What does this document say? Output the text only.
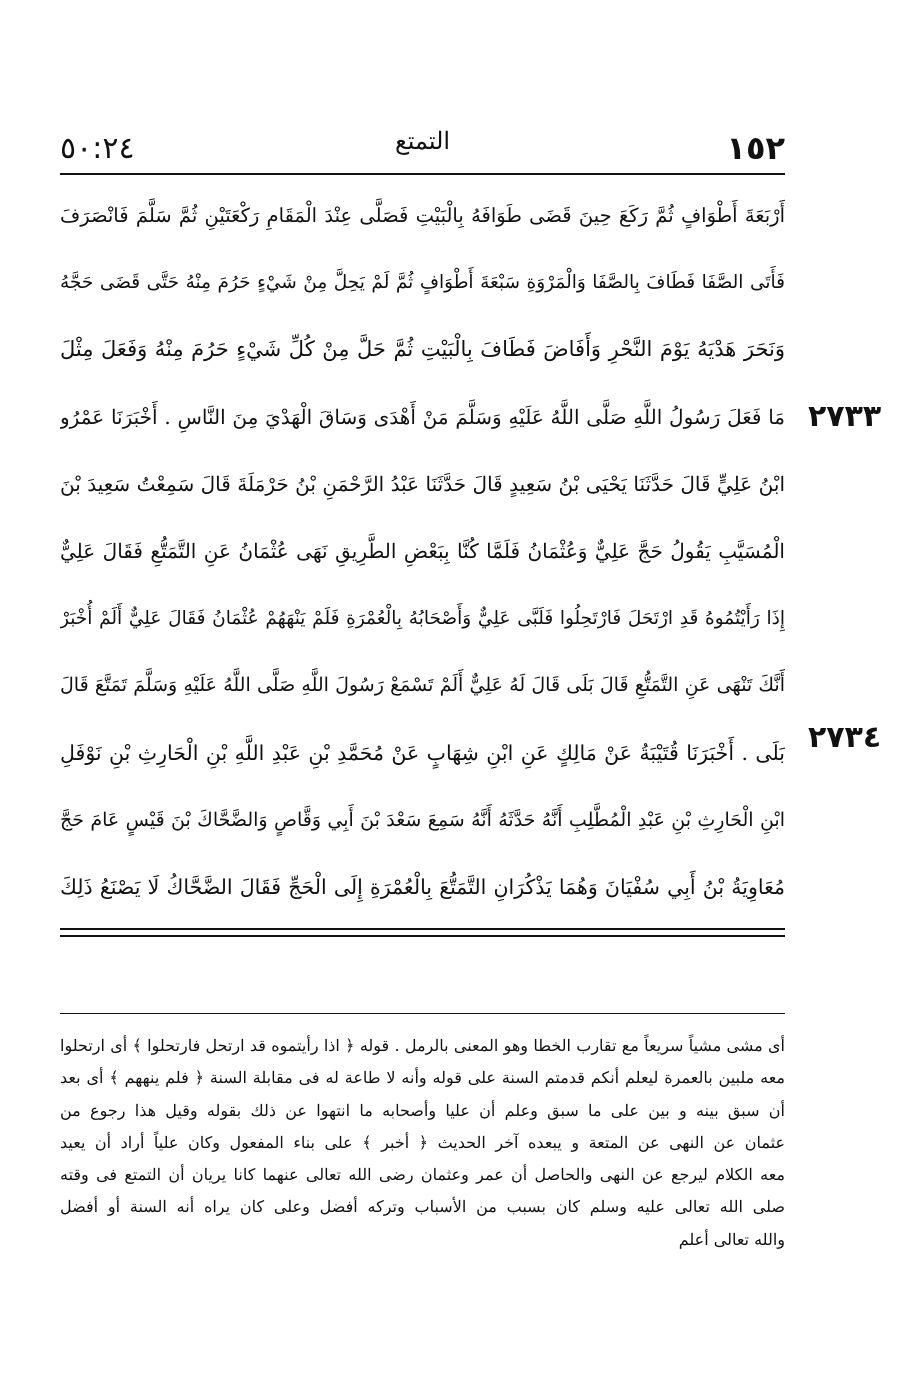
٥٠:٢٤	التمتع	١٥٢
٢٧٣٣
٢٧٣٤
أَرْبَعَةَ أَطْوَافٍ ثُمَّ رَكَعَ حِينَ قَضَى طَوَافَهُ بِالْبَيْتِ فَصَلَّى عِنْدَ الْمَقَامِ رَكْعَتَيْنِ ثُمَّ سَلَّمَ فَانْصَرَفَ
فَأَتَى الصَّفَا فَطَافَ بِالصَّفَا وَالْمَرْوَةِ سَبْعَةَ أَطْوَافٍ ثُمَّ لَمْ يَحِلَّ مِنْ شَيْءٍ حَرُمَ مِنْهُ حَتَّى قَضَى حَجَّهُ
وَنَحَرَ هَدْيَهُ يَوْمَ النَّحْرِ وَأَفَاضَ فَطَافَ بِالْبَيْتِ ثُمَّ حَلَّ مِنْ كُلِّ شَيْءٍ حَرُمَ مِنْهُ وَفَعَلَ مِثْلَ
مَا فَعَلَ رَسُولُ اللَّهِ صَلَّى اللَّهُ عَلَيْهِ وَسَلَّمَ مَنْ أَهْدَى وَسَاقَ الْهَدْيَ مِنَ النَّاسِ . أَخْبَرَنَا عَمْرُو
ابْنُ عَلِيٍّ قَالَ حَدَّثَنَا يَحْيَى بْنُ سَعِيدٍ قَالَ حَدَّثَنَا عَبْدُ الرَّحْمَنِ بْنُ حَرْمَلَةَ قَالَ سَمِعْتُ سَعِيدَ بْنَ
الْمُسَيَّبِ يَقُولُ حَجَّ عَلِيٌّ وَعُثْمَانُ فَلَمَّا كُنَّا بِبَعْضِ الطَّرِيقِ نَهَى عُثْمَانُ عَنِ التَّمَتُّعِ فَقَالَ عَلِيٌّ
إِذَا رَأَيْتُمُوهُ قَدِ ارْتَحَلَ فَارْتَحِلُوا فَلَبَّى عَلِيٌّ وَأَصْحَابُهُ بِالْعُمْرَةِ فَلَمْ يَنْهَهُمْ عُثْمَانُ فَقَالَ عَلِيٌّ أَلَمْ أُخْبَرْ
أَنَّكَ تَنْهَى عَنِ التَّمَتُّعِ قَالَ بَلَى قَالَ لَهُ عَلِيٌّ أَلَمْ تَسْمَعْ رَسُولَ اللَّهِ صَلَّى اللَّهُ عَلَيْهِ وَسَلَّمَ تَمَتَّعَ قَالَ
بَلَى . أَخْبَرَنَا قُتَيْبَةُ عَنْ مَالِكٍ عَنِ ابْنِ شِهَابٍ عَنْ مُحَمَّدِ بْنِ عَبْدِ اللَّهِ بْنِ الْحَارِثِ بْنِ نَوْفَلِ
ابْنِ الْحَارِثِ بْنِ عَبْدِ الْمُطَّلِبِ أَنَّهُ حَدَّثَهُ أَنَّهُ سَمِعَ سَعْدَ بْنَ أَبِي وَقَّاصٍ وَالضَّحَّاكَ بْنَ قَيْسٍ عَامَ حَجَّ
مُعَاوِيَةُ بْنُ أَبِي سُفْيَانَ وَهُمَا يَذْكُرَانِ التَّمَتُّعَ بِالْعُمْرَةِ إِلَى الْحَجِّ فَقَالَ الضَّحَّاكُ لَا يَصْنَعُ ذَلِكَ
أى مشى مشياً سريعاً مع تقارب الخطا وهو المعنى بالرمل . قوله ﴿ اذا رأيتموه قد ارتحل فارتحلوا ﴾ أى ارتحلوا
معه ملبين بالعمرة ليعلم أنكم قدمتم السنة على قوله وأنه لا طاعة له فى مقابلة السنة ﴿ فلم ينههم ﴾ أى بعد
أن سبق بينه و بين على ما سبق وعلم أن عليا وأصحابه ما انتهوا عن ذلك بقوله وقيل هذا رجوع من
عثمان عن النهى عن المتعة و يبعده آخر الحديث ﴿ أخبر ﴾ على بناء المفعول وكان علياً أراد أن يعيد
معه الكلام ليرجع عن النهى والحاصل أن عمر وعثمان رضى الله تعالى عنهما كانا يريان أن التمتع فى وقته
صلى الله تعالى عليه وسلم كان بسبب من الأسباب وتركه أفضل وعلى كان يراه أنه السنة أو أفضل
والله تعالى أعلم
